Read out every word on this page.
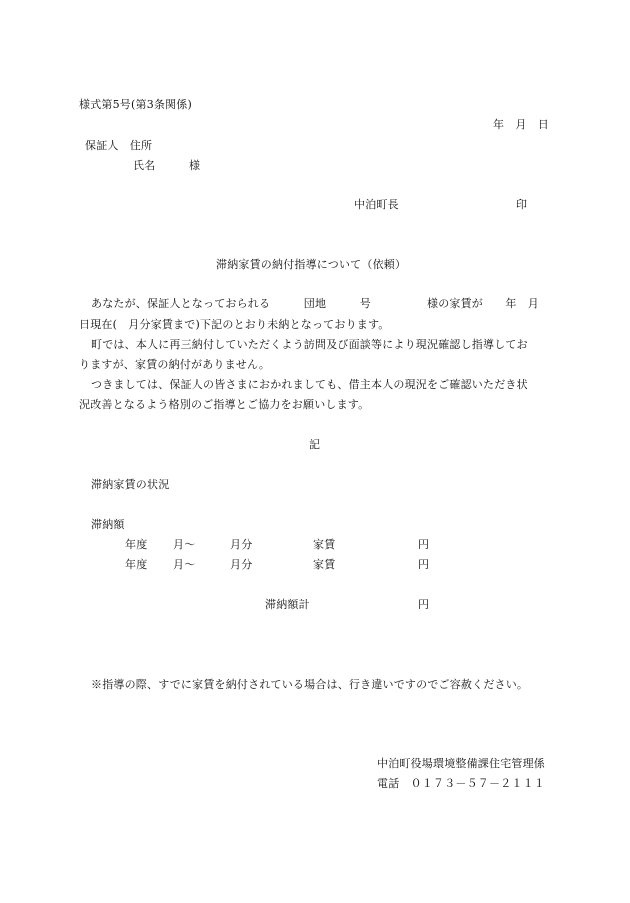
様式第5号(第3条関係)
年　月　日
保証人　住所
氏名　　　様
中泊町長	印
滞納家賃の納付指導について（依頼）
あなたが、保証人となっておられる　　　団地　　　号　　　　　様の家賃が　　年　月
日現在(　月分家賃まで)下記のとおり未納となっております。
町では、本人に再三納付していただくよう訪問及び面談等により現況確認し指導してお
りますが、家賃の納付がありません。
つきましては、保証人の皆さまにおかれましても、借主本人の現況をご確認いただき状
況改善となるよう格別のご指導とご協力をお願いします。
記
滞納家賃の状況
滞納額
年度 月～	月分	家賃	円
年度 月～	月分	家賃	円
滞納額計	円
※指導の際、すでに家賃を納付されている場合は、行き違いですのでご容赦ください。
中泊町役場環境整備課住宅管理係
電話　０１７３－５７－２１１１
